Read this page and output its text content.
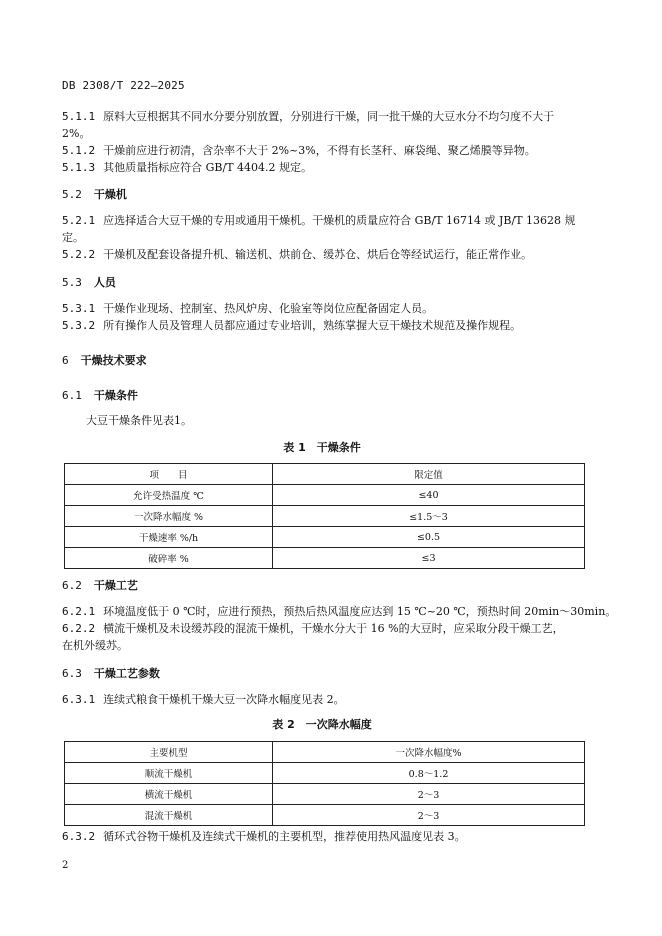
DB 2308/T 222—2025
5.1.1 原料大豆根据其不同水分要分别放置，分别进行干燥，同一批干燥的大豆水分不均匀度不大于
2%。
5.1.2 干燥前应进行初清，含杂率不大于 2%~3%，不得有长茎秆、麻袋绳、聚乙烯膜等异物。
5.1.3 其他质量指标应符合 GB/T 4404.2 规定。
5.2 干燥机
5.2.1 应选择适合大豆干燥的专用或通用干燥机。干燥机的质量应符合 GB/T 16714 或 JB/T 13628 规
定。
5.2.2 干燥机及配套设备提升机、输送机、烘前仓、缓苏仓、烘后仓等经试运行，能正常作业。
5.3 人员
5.3.1 干燥作业现场、控制室、热风炉房、化验室等岗位应配备固定人员。
5.3.2 所有操作人员及管理人员都应通过专业培训，熟练掌握大豆干燥技术规范及操作规程。
6 干燥技术要求
6.1 干燥条件
大豆干燥条件见表1。
表 1　干燥条件
项　　目	限定值
允许受热温度 ℃	≤40
一次降水幅度 %	≤1.5～3
干燥速率 %/h	≤0.5
破碎率 %	≤3
6.2 干燥工艺
6.2.1 环境温度低于 0 ℃时，应进行预热，预热后热风温度应达到 15 ℃~20 ℃，预热时间 20min～30min。
6.2.2 横流干燥机及未设缓苏段的混流干燥机，干燥水分大于 16 %的大豆时，应采取分段干燥工艺，
在机外缓苏。
6.3 干燥工艺参数
6.3.1 连续式粮食干燥机干燥大豆一次降水幅度见表 2。
表 2　一次降水幅度
主要机型	一次降水幅度%
顺流干燥机	0.8～1.2
横流干燥机	2～3
混流干燥机	2～3
6.3.2 循环式谷物干燥机及连续式干燥机的主要机型，推荐使用热风温度见表 3。
2
